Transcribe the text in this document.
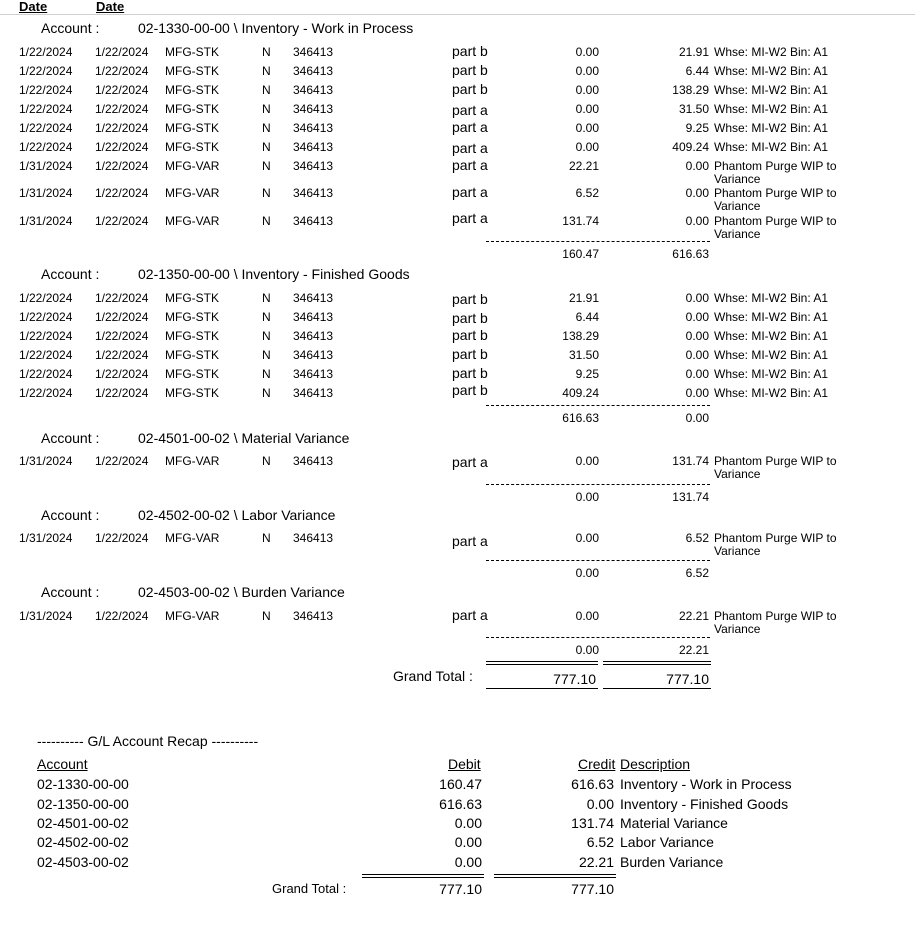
Date	Date
Account :	02-1330-00-00 \ Inventory - Work in Process
1/22/2024 1/22/2024 MFG-STK	N 346413	part b	0.00	21.91 Whse: MI-W2 Bin: A1
1/22/2024 1/22/2024 MFG-STK	N 346413	part b	0.00	6.44 Whse: MI-W2 Bin: A1
1/22/2024 1/22/2024 MFG-STK	N 346413	part b	0.00	138.29 Whse: MI-W2 Bin: A1
1/22/2024 1/22/2024 MFG-STK	N 346413	part a	0.00	31.50 Whse: MI-W2 Bin: A1
1/22/2024 1/22/2024 MFG-STK	N 346413	part a	0.00	9.25 Whse: MI-W2 Bin: A1
1/22/2024 1/22/2024 MFG-STK	N 346413	part a	0.00	409.24 Whse: MI-W2 Bin: A1
1/31/2024 1/22/2024 MFG-VAR	N 346413	part a	22.21	0.00 Phantom Purge WIP to
Variance
1/31/2024 1/22/2024 MFG-VAR	N 346413	part a	6.52	0.00 Phantom Purge WIP to
Variance
1/31/2024 1/22/2024 MFG-VAR	N 346413	part a	131.74	0.00 Phantom Purge WIP to
Variance
160.47	616.63
Account :	02-1350-00-00 \ Inventory - Finished Goods
1/22/2024 1/22/2024 MFG-STK	N 346413	part b	21.91	0.00 Whse: MI-W2 Bin: A1
1/22/2024 1/22/2024 MFG-STK	N 346413	part b	6.44	0.00 Whse: MI-W2 Bin: A1
1/22/2024 1/22/2024 MFG-STK	N 346413	part b	138.29	0.00 Whse: MI-W2 Bin: A1
1/22/2024 1/22/2024 MFG-STK	N 346413	part b	31.50	0.00 Whse: MI-W2 Bin: A1
1/22/2024 1/22/2024 MFG-STK	N 346413	part b	9.25	0.00 Whse: MI-W2 Bin: A1
1/22/2024 1/22/2024 MFG-STK	N 346413	part b	409.24	0.00 Whse: MI-W2 Bin: A1
616.63	0.00
Account :	02-4501-00-02 \ Material Variance
1/31/2024 1/22/2024 MFG-VAR	N 346413	part a	0.00	131.74 Phantom Purge WIP to
Variance
0.00	131.74
Account :	02-4502-00-02 \ Labor Variance
1/31/2024 1/22/2024 MFG-VAR	N 346413	part a	0.00	6.52 Phantom Purge WIP to
Variance
0.00	6.52
Account :	02-4503-00-02 \ Burden Variance
1/31/2024 1/22/2024 MFG-VAR	N 346413	part a	0.00	22.21 Phantom Purge WIP to
Variance
0.00	22.21
Grand Total :	777.10	777.10
---------- G/L Account Recap ----------
Account	Debit	Credit Description
02-1330-00-00	160.47	616.63 Inventory - Work in Process
02-1350-00-00	616.63	0.00 Inventory - Finished Goods
02-4501-00-02	0.00	131.74 Material Variance
02-4502-00-02	0.00	6.52 Labor Variance
02-4503-00-02	0.00	22.21 Burden Variance
Grand Total :	777.10	777.10
